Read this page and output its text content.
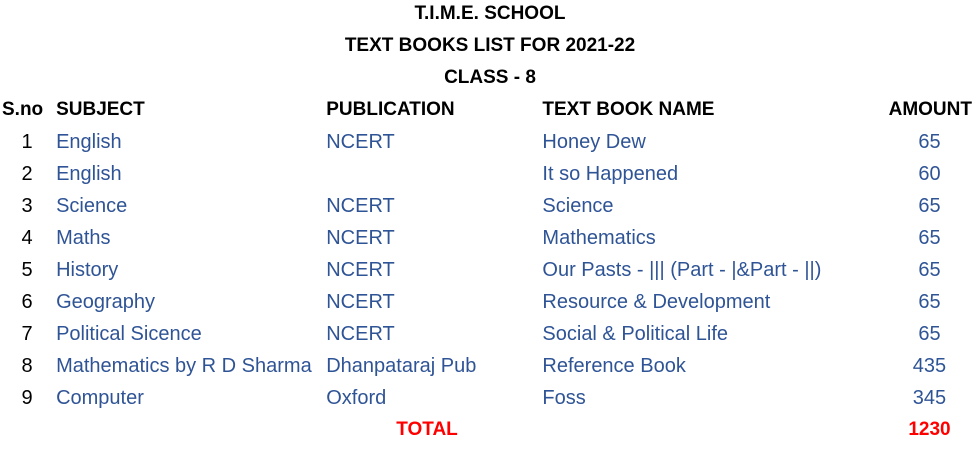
T.I.M.E. SCHOOL
TEXT BOOKS LIST FOR 2021-22
CLASS - 8
S.no	SUBJECT	PUBLICATION	TEXT BOOK NAME	AMOUNT
1	English	NCERT	Honey Dew	65
2	English		It so Happened	60
3	Science	NCERT	Science	65
4	Maths	NCERT	Mathematics	65
5	History	NCERT	Our Pasts - ||| (Part - |&Part - ||)	65
6	Geography	NCERT	Resource & Development	65
7	Political Sicence	NCERT	Social & Political Life	65
8	Mathematics by R D Sharma	Dhanpataraj Pub	Reference Book	435
9	Computer	Oxford	Foss	345
		TOTAL		1230
